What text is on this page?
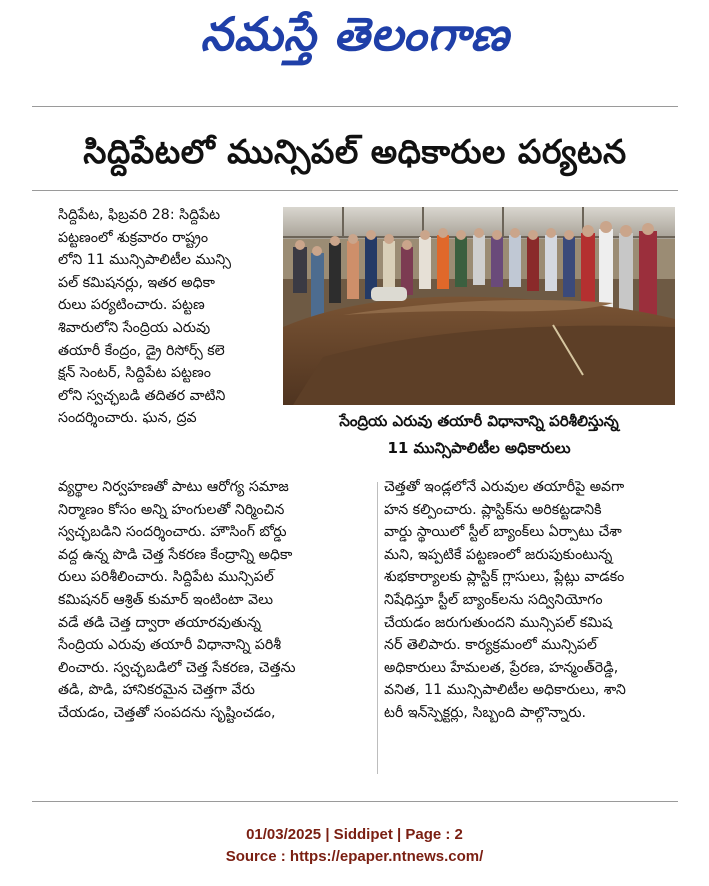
నమస్తే తెలంగాణ
సిద్దిపేటలో మున్సిపల్ అధికారుల పర్యటన
సిద్దిపేట, ఫిబ్రవరి 28: సిద్దిపేట
పట్టణంలో శుక్రవారం రాష్ట్రం
లోని 11 మున్సిపాలిటీల మున్సి
పల్ కమిషనర్లు, ఇతర అధికా
రులు పర్యటించారు. పట్టణ
శివారులోని సేంద్రియ ఎరువు
తయారీ కేంద్రం, డ్రై రిసోర్స్ కలె
క్షన్ సెంటర్, సిద్దిపేట పట్టణం
లోని స్వచ్ఛబడి తదితర వాటిని
సందర్శించారు. ఘన, ద్రవ	సేంద్రియ ఎరువు తయారీ విధానాన్ని పరిశీలిస్తున్న
11 మున్సిపాలిటీల అధికారులు
వ్యర్థాల నిర్వహణతో పాటు ఆరోగ్య సమాజ
నిర్మాణం కోసం అన్ని హంగులతో నిర్మించిన
స్వచ్ఛబడిని సందర్శించారు. హౌసింగ్ బోర్డు
వద్ద ఉన్న పొడి చెత్త సేకరణ కేంద్రాన్ని అధికా
రులు పరిశీలించారు. సిద్దిపేట మున్సిపల్
కమిషనర్ ఆశ్రిత్ కుమార్ ఇంటింటా వెలు
వడే తడి చెత్త ద్వారా తయారవుతున్న
సేంద్రియ ఎరువు తయారీ విధానాన్ని పరిశీ
లించారు. స్వచ్ఛబడిలో చెత్త సేకరణ, చెత్తను
తడి, పొడి, హానికరమైన చెత్తగా వేరు
చేయడం, చెత్తతో సంపదను సృష్టించడం,
చెత్తతో ఇండ్లలోనే ఎరువుల తయారీపై అవగా
హన కల్పించారు. ప్లాస్టిక్‌ను అరికట్టడానికి
వార్డు స్థాయిలో స్టీల్ బ్యాంక్‌లు ఏర్పాటు చేశా
మని, ఇప్పటికే పట్టణంలో జరుపుకుంటున్న
శుభకార్యాలకు ప్లాస్టిక్ గ్లాసులు, ప్లేట్లు వాడకం
నిషేధిస్తూ స్టీల్ బ్యాంక్‌లను సద్వినియోగం
చేయడం జరుగుతుందని మున్సిపల్ కమిష
నర్ తెలిపారు. కార్యక్రమంలో మున్సిపల్
అధికారులు హేమలత, ప్రేరణ, హన్మంత్‌రెడ్డి,
వనిత, 11 మున్సిపాలిటీల అధికారులు, శాని
టరీ ఇన్‌స్పెక్టర్లు, సిబ్బంది పాల్గొన్నారు.
01/03/2025 | Siddipet | Page : 2
Source : https://epaper.ntnews.com/
